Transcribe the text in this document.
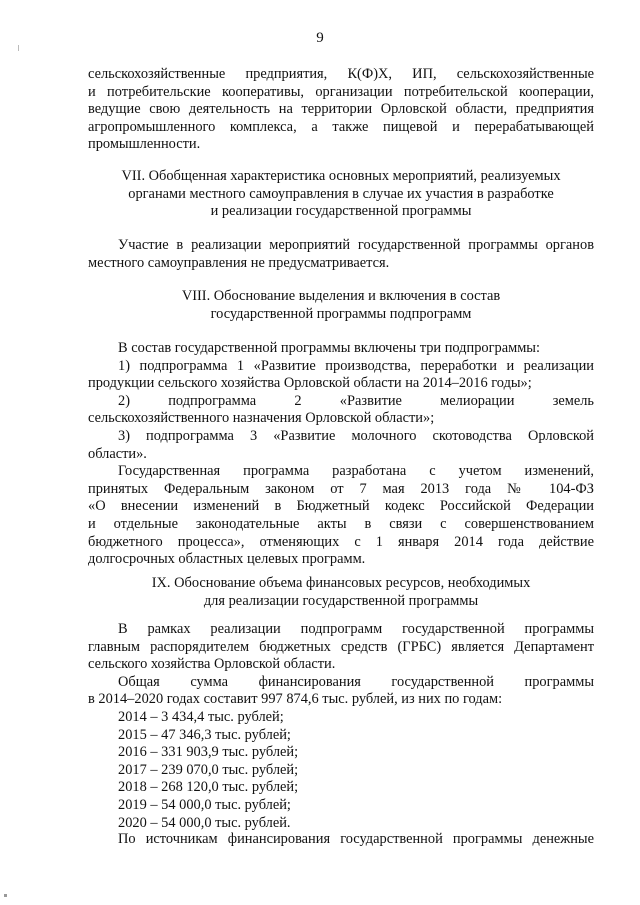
9
сельскохозяйственные предприятия, К(Ф)Х, ИП, сельскохозяйственные
и потребительские кооперативы, организации потребительской кооперации,
ведущие свою деятельность на территории Орловской области, предприятия
агропромышленного комплекса, а также пищевой и перерабатывающей
промышленности.
VII. Обобщенная характеристика основных мероприятий, реализуемых
органами местного самоуправления в случае их участия в разработке
и реализации государственной программы
Участие в реализации мероприятий государственной программы органов
местного самоуправления не предусматривается.
VIII. Обоснование выделения и включения в состав
государственной программы подпрограмм
В состав государственной программы включены три подпрограммы:
1) подпрограмма 1 «Развитие производства, переработки и реализации
продукции сельского хозяйства Орловской области на 2014–2016 годы»;
2) подпрограмма 2 «Развитие мелиорации земель
сельскохозяйственного назначения Орловской области»;
3) подпрограмма 3 «Развитие молочного скотоводства Орловской
области».
Государственная программа разработана с учетом изменений,
принятых Федеральным законом от 7 мая 2013 года № 104-ФЗ
«О внесении изменений в Бюджетный кодекс Российской Федерации
и отдельные законодательные акты в связи с совершенствованием
бюджетного процесса», отменяющих с 1 января 2014 года действие
долгосрочных областных целевых программ.
IX. Обоснование объема финансовых ресурсов, необходимых
для реализации государственной программы
В рамках реализации подпрограмм государственной программы
главным распорядителем бюджетных средств (ГРБС) является Департамент
сельского хозяйства Орловской области.
Общая сумма финансирования государственной программы
в 2014–2020 годах составит 997 874,6 тыс. рублей, из них по годам:
2014 – 3 434,4 тыс. рублей;
2015 – 47 346,3 тыс. рублей;
2016 – 331 903,9 тыс. рублей;
2017 – 239 070,0 тыс. рублей;
2018 – 268 120,0 тыс. рублей;
2019 – 54 000,0 тыс. рублей;
2020 – 54 000,0 тыс. рублей.
По источникам финансирования государственной программы денежные
